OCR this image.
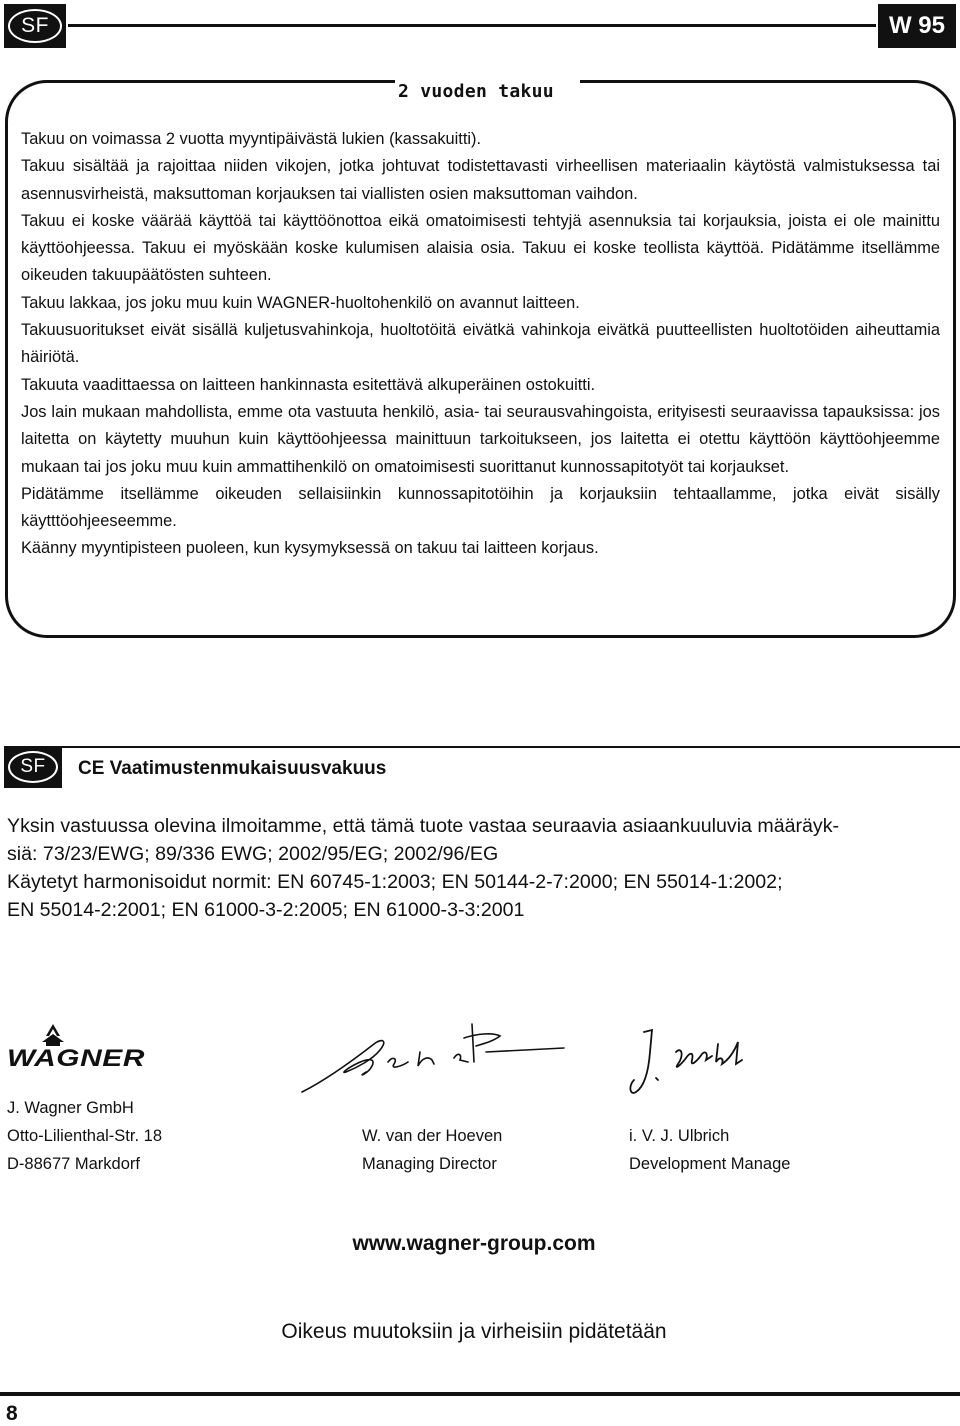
SF	W 95
2 vuoden takuu

Takuu on voimassa 2 vuotta myyntipäivästä lukien (kassakuitti).

Takuu sisältää ja rajoittaa niiden vikojen, jotka johtuvat todistettavasti virheellisen materiaalin käytöstä valmistuksessa tai asennusvirheistä, maksuttoman korjauksen tai viallisten osien maksuttoman vaihdon.

Takuu ei koske väärää käyttöä tai käyttöönottoa eikä omatoimisesti tehtyjä asennuksia tai korjauksia, joista ei ole mainittu käyttöohjeessa. Takuu ei myöskään koske kulumisen alaisia osia. Takuu ei koske teollista käyttöä. Pidätämme itsellämme oikeuden takuupäätösten suhteen.

Takuu lakkaa, jos joku muu kuin WAGNER-huoltohenkilö on avannut laitteen.

Takuusuoritukset eivät sisällä kuljetusvahinkoja, huoltotöitä eivätkä vahinkoja eivätkä puutteellisten huoltotöiden aiheuttamia häiriötä.

Takuuta vaadittaessa on laitteen hankinnasta esitettävä alkuperäinen ostokuitti.

Jos lain mukaan mahdollista, emme ota vastuuta henkilö, asia- tai seurausvahingoista, erityisesti seuraavissa tapauksissa: jos laitetta on käytetty muuhun kuin käyttöohjeessa mainittuun tarkoitukseen, jos laitetta ei otettu käyttöön käyttöohjeemme mukaan tai jos joku muu kuin ammattihenkilö on omatoimisesti suorittanut kunnossapitotyöt tai korjaukset.

Pidätämme itsellämme oikeuden sellaisiinkin kunnossapitotöihin ja korjauksiin tehtaallamme, jotka eivät sisälly käytttöohjeeseemme.

Käänny myyntipisteen puoleen, kun kysymyksessä on takuu tai laitteen korjaus.

SF	CE Vaatimustenmukaisuusvakuus

Yksin vastuussa olevina ilmoitamme, että tämä tuote vastaa seuraavia asiaankuuluvia määräyk-

siä: 73/23/EWG; 89/336 EWG; 2002/95/EG; 2002/96/EG

Käytetyt harmonisoidut normit: EN 60745-1:2003; EN 50144-2-7:2000; EN 55014-1:2002;

EN 55014-2:2001; EN 61000-3-2:2005; EN 61000-3-3:2001

WAGNER
J. Wagner GmbH
Otto-Lilienthal-Str. 18
D-88677 Markdorf
W. van der Hoeven
Managing Director
i. V. J. Ulbrich
Development Manage
www.wagner-group.com
Oikeus muutoksiin ja virheisiin pidätetään
8
